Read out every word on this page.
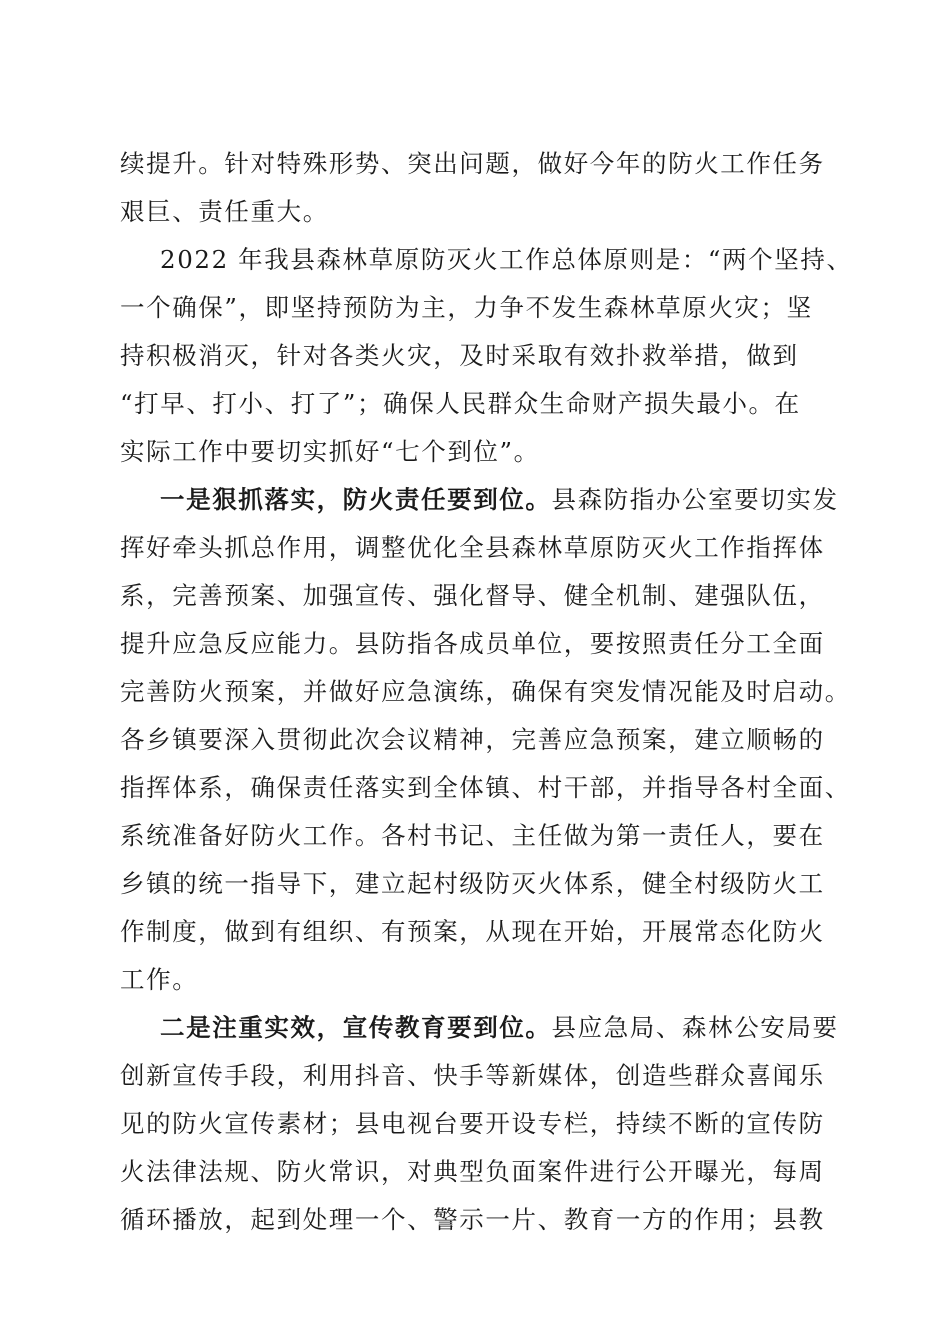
续提升。针对特殊形势、突出问题，做好今年的防火工作任务
艰巨、责任重大。

2022 年我县森林草原防灭火工作总体原则是：“两个坚持、
一个确保”，即坚持预防为主，力争不发生森林草原火灾；坚
持积极消灭，针对各类火灾，及时采取有效扑救举措，做到
“打早、打小、打了”；确保人民群众生命财产损失最小。在
实际工作中要切实抓好“七个到位”。

一是狠抓落实，防火责任要到位。县森防指办公室要切实发
挥好牵头抓总作用，调整优化全县森林草原防灭火工作指挥体
系，完善预案、加强宣传、强化督导、健全机制、建强队伍，
提升应急反应能力。县防指各成员单位，要按照责任分工全面
完善防火预案，并做好应急演练，确保有突发情况能及时启动。
各乡镇要深入贯彻此次会议精神，完善应急预案，建立顺畅的
指挥体系，确保责任落实到全体镇、村干部，并指导各村全面、
系统准备好防火工作。各村书记、主任做为第一责任人，要在
乡镇的统一指导下，建立起村级防灭火体系，健全村级防火工
作制度，做到有组织、有预案，从现在开始，开展常态化防火
工作。

二是注重实效，宣传教育要到位。县应急局、森林公安局要
创新宣传手段，利用抖音、快手等新媒体，创造些群众喜闻乐
见的防火宣传素材；县电视台要开设专栏，持续不断的宣传防
火法律法规、防火常识，对典型负面案件进行公开曝光，每周
循环播放，起到处理一个、警示一片、教育一方的作用；县教
